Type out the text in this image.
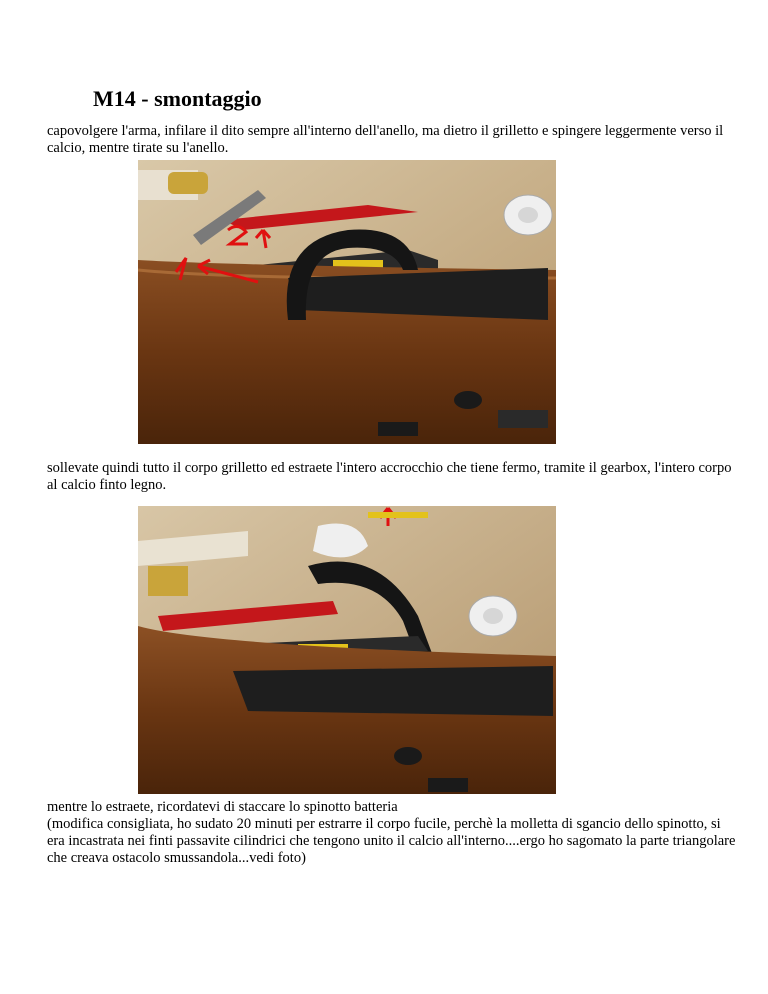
M14 - smontaggio
capovolgere l'arma, infilare il dito sempre all'interno dell'anello, ma dietro il grilletto e spingere leggermente verso il calcio, mentre tirate su l'anello.
sollevate quindi tutto il corpo grilletto ed estraete l'intero accrocchio che tiene fermo, tramite il gearbox, l'intero corpo al calcio finto legno.
mentre lo estraete, ricordatevi di staccare lo spinotto batteria
(modifica consigliata, ho sudato 20 minuti per estrarre il corpo fucile, perchè la molletta di sgancio dello spinotto, si era incastrata nei finti passavite cilindrici che tengono unito il calcio all'interno....ergo ho sagomato la parte triangolare che creava ostacolo smussandola...vedi foto)
